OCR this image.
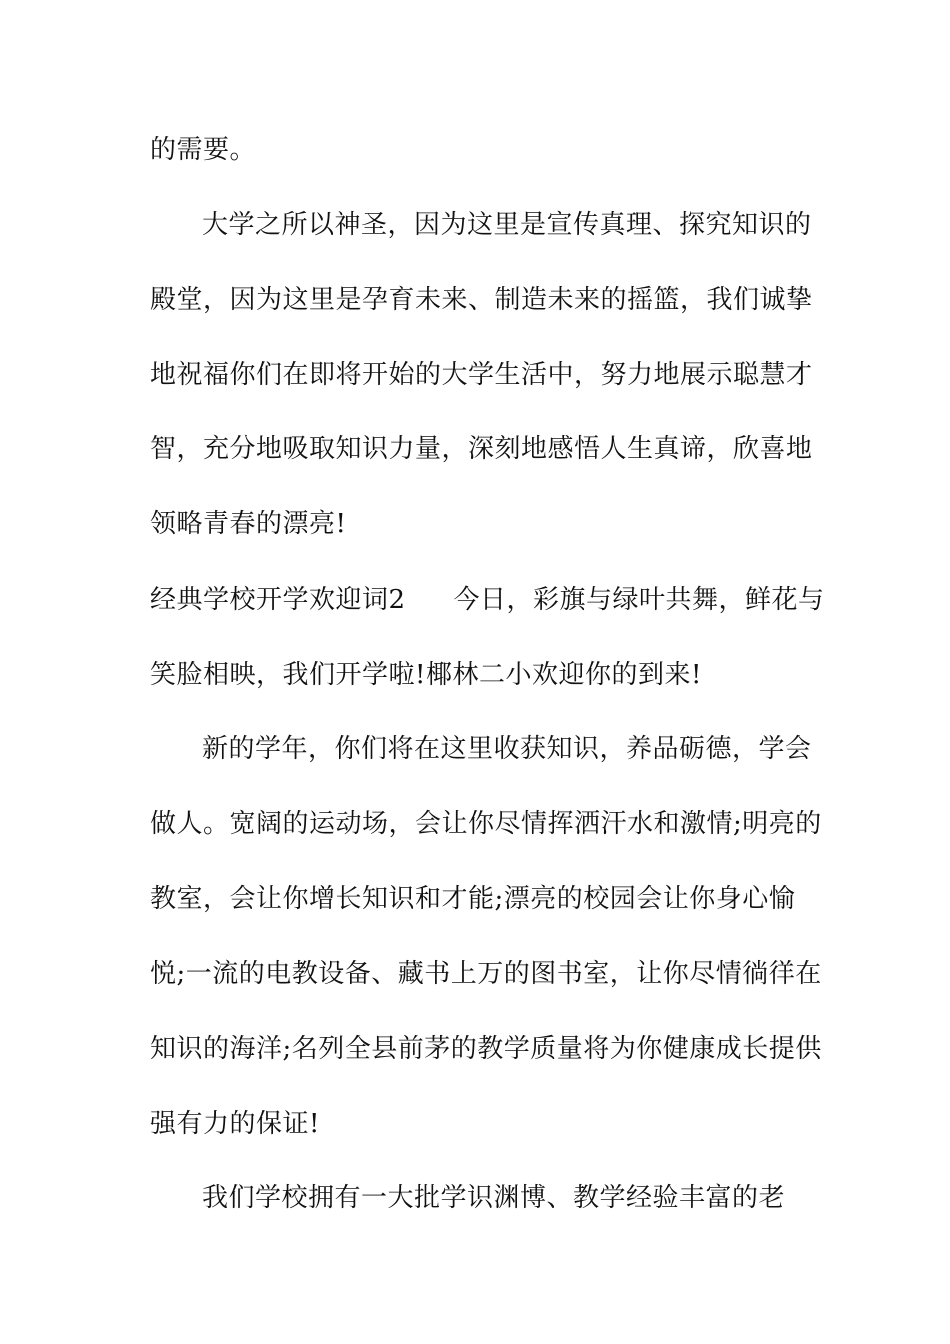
的需要。
大学之所以神圣，因为这里是宣传真理、探究知识的
殿堂，因为这里是孕育未来、制造未来的摇篮，我们诚挚
地祝福你们在即将开始的大学生活中，努力地展示聪慧才
智，充分地吸取知识力量，深刻地感悟人生真谛，欣喜地
领略青春的漂亮!
经典学校开学欢迎词2 今日，彩旗与绿叶共舞，鲜花与
笑脸相映，我们开学啦!椰林二小欢迎你的到来!
新的学年，你们将在这里收获知识，养品砺德，学会
做人。宽阔的运动场，会让你尽情挥洒汗水和激情;明亮的
教室，会让你增长知识和才能;漂亮的校园会让你身心愉
悦;一流的电教设备、藏书上万的图书室，让你尽情徜徉在
知识的海洋;名列全县前茅的教学质量将为你健康成长提供
强有力的保证!
我们学校拥有一大批学识渊博、教学经验丰富的老
